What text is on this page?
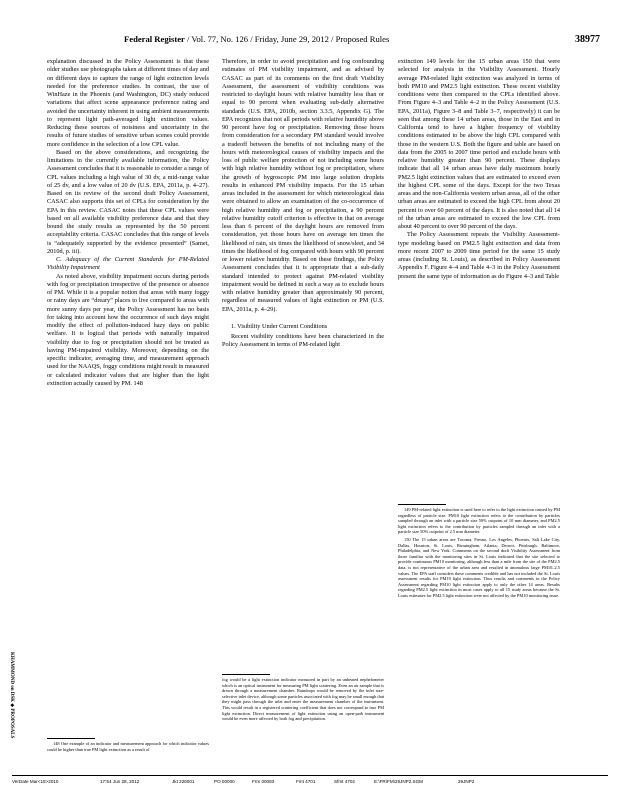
Federal Register / Vol. 77, No. 126 / Friday, June 29, 2012 / Proposed Rules	38977

explanation discussed in the Policy Assessment is that these older studies use photographs taken at different times of day and on different days to capture the range of light extinction levels needed for the preference studies. In contrast, the use of WinHaze in the Phoenix (and Washington, DC) study reduced variations that affect scene appearance preference rating and avoided the uncertainty inherent in using ambient measurements to represent light path-averaged light extinction values. Reducing these sources of noisiness and uncertainty in the results of future studies of sensitive urban scenes could provide more confidence in the selection of a low CPL value.

Based on the above considerations, and recognizing the limitations in the currently available information, the Policy Assessment concludes that it is reasonable to consider a range of CPL values including a high value of 30 dv, a mid-range value of 25 dv, and a low value of 20 dv (U.S. EPA, 2011a, p. 4–27). Based on its review of the second draft Policy Assessment, CASAC also supports this set of CPLs for consideration by the EPA in this review. CASAC notes that these CPL values were based on all available visibility preference data and that they bound the study results as represented by the 50 percent acceptability criteria. CASAC concludes that this range of levels is “adequately supported by the evidence presented” (Samet, 2010d, p. iii).

C. Adequacy of the Current Standards for PM-Related Visibility Impairment

As noted above, visibility impairment occurs during periods with fog or precipitation irrespective of the presence or absence of PM. While it is a popular notion that areas with many foggy or rainy days are “dreary” places to live compared to areas with more sunny days per year, the Policy Assessment has no basis for taking into account how the occurrence of such days might modify the effect of pollution-induced hazy days on public welfare. It is logical that periods with naturally impaired visibility due to fog or precipitation should not be treated as having PM-impaired visibility. Moreover, depending on the specific indicator, averaging time, and measurement approach used for the NAAQS, foggy conditions might result in measured or calculated indicator values that are higher than the light extinction actually caused by PM. 148

148 One example of an indicator and measurement approach for which indicator values could be higher than true PM light extinction as a result of

Therefore, in order to avoid precipitation and fog confounding estimates of PM visibility impairment, and as advised by CASAC as part of its comments on the first draft Visibility Assessment, the assessment of visibility conditions was restricted to daylight hours with relative humidity less than or equal to 90 percent when evaluating sub-daily alternative standards (U.S. EPA, 2010b, section 3.3.5, Appendix G). The EPA recognizes that not all periods with relative humidity above 90 percent have fog or precipitation. Removing those hours from consideration for a secondary PM standard would involve a tradeoff between the benefits of not including many of the hours with meteorological causes of visibility impacts and the loss of public welfare protection of not including some hours with high relative humidity without fog or precipitation, where the growth of hygroscopic PM into large solution droplets results in enhanced PM visibility impacts. For the 15 urban areas included in the assessment for which meteorological data were obtained to allow an examination of the co-occurrence of high relative humidity and fog or precipitation, a 90 percent relative humidity cutoff criterion is effective in that on average less than 6 percent of the daylight hours are removed from consideration, yet those hours have on average ten times the likelihood of rain, six times the likelihood of snow/sleet, and 34 times the likelihood of fog compared with hours with 90 percent or lower relative humidity. Based on these findings, the Policy Assessment concludes that it is appropriate that a sub-daily standard intended to protect against PM-related visibility impairment would be defined in such a way as to exclude hours with relative humidity greater than approximately 90 percent, regardless of measured values of light extinction or PM (U.S. EPA, 2011a, p. 4–29).

1. Visibility Under Current Conditions

Recent visibility conditions have been characterized in the Policy Assessment in terms of PM-related light

fog would be a light extinction indicator measured in part by an unheated nephelometer which is an optical instrument for measuring PM light scattering. Even an air sample that is drawn through a measurement chamber. Raindrops would be removed by the inlet size-selective inlet device, although some particles associated with fog may be small enough that they might pass through the inlet and enter the measurement chamber of the instrument. This would result in a registered scattering coefficient that does not correspond to true PM light extinction. Direct measurement of light extinction using an open-path instrument would be even more affected by both fog and precipitation.

extinction 149 levels for the 15 urban areas 150 that were selected for analysis in the Visibility Assessment. Hourly average PM-related light extinction was analyzed in terms of both PM10 and PM2.5 light extinction. These recent visibility conditions were then compared to the CPLs identified above. From Figure 4–3 and Table 4–2 in the Policy Assessment (U.S. EPA, 2011a), Figure 3–8 and Table 3–7, respectively) it can be seen that among these 14 urban areas, those in the East and in California tend to have a higher frequency of visibility conditions estimated to be above the high CPL compared with those in the western U.S. Both the figure and table are based on data from the 2005 to 2007 time period and exclude hours with relative humidity greater than 90 percent. These displays indicate that all 14 urban areas have daily maximum hourly PM2.5 light extinction values that are estimated to exceed even the highest CPL some of the days. Except for the two Texas areas and the non-California western urban areas, all of the other urban areas are estimated to exceed the high CPL from about 20 percent to over 60 percent of the days. It is also noted that all 14 of the urban areas are estimated to exceed the low CPL from about 40 percent to over 90 percent of the days.

The Policy Assessment repeats the Visibility Assessment-type modeling based on PM2.5 light extinction and data from more recent 2007 to 2009 time period for the same 15 study areas (including St. Louis), as described in Policy Assessment Appendix F. Figure 4–4 and Table 4–3 in the Policy Assessment present the same type of information as do Figure 4–3 and Table

149 PM-related light extinction is used here to refer to the light extinction caused by PM regardless of particle size. PM10 light extinction refers to the contribution by particles sampled through an inlet with a particle size 50% cutpoint of 10 mm diameter, and PM2.5 light extinction refers to the contribution by particles sampled through an inlet with a particle size 50% cutpoint of 2.5 mm diameter.

150 The 15 urban areas are Tacoma, Fresno, Los Angeles, Phoenix, Salt Lake City, Dallas, Houston, St. Louis, Birmingham, Atlanta, Detroit, Pittsburgh, Baltimore, Philadelphia, and New York. Comments on the second draft Visibility Assessment from those familiar with the monitoring sites in St. Louis indicated that the site selected to provide continuous PM10 monitoring, although less than a mile from the site of the PM2.5 data, is not representative of the urban area and resulted in anomalous large PM10–2.5 values. The EPA staff considers these comments credible and has not included the St. Louis assessment results for PM10 light extinction. Thus results and comments in the Policy Assessment regarding PM10 light extinction apply to only the other 14 areas. Results regarding PM2.5 light extinction in most cases apply to all 15 study areas because the St. Louis estimates for PM2.5 light extinction were not affected by the PM10 monitoring issue.

KHAMMOND on DSK ◆ PROPOSALS
VerDate Mar<15>2010	17:54 Jun 28, 2012	Jkt 226001	PO 00000	Frm 00083	Fmt 4701	Sfmt 4702	E:\FR\FM\29JNP2.SGM	29JNP2
